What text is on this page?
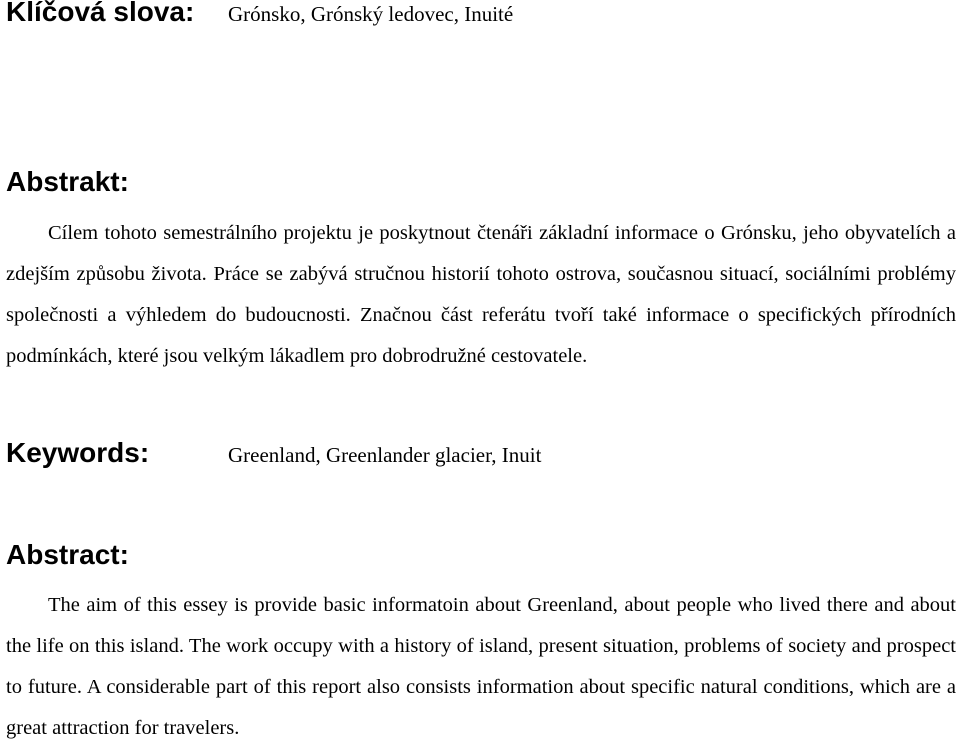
Klíčová slova:	Grónsko, Grónský ledovec, Inuité
Abstrakt:
Cílem tohoto semestrálního projektu je poskytnout čtenáři základní informace o Grónsku, jeho obyvatelích a zdejším způsobu života. Práce se zabývá stručnou historií tohoto ostrova, současnou situací, sociálními problémy společnosti a výhledem do budoucnosti. Značnou část referátu tvoří také informace o specifických přírodních podmínkách, které jsou velkým lákadlem pro dobrodružné cestovatele.
Keywords:	Greenland, Greenlander glacier, Inuit
Abstract:
The aim of this essey is provide basic informatoin about Greenland, about people who lived there and about the life on this island. The work occupy with a history of island, present situation, problems of society and prospect to future. A considerable part of this report also consists information about specific natural conditions, which are a great attraction for travelers.
